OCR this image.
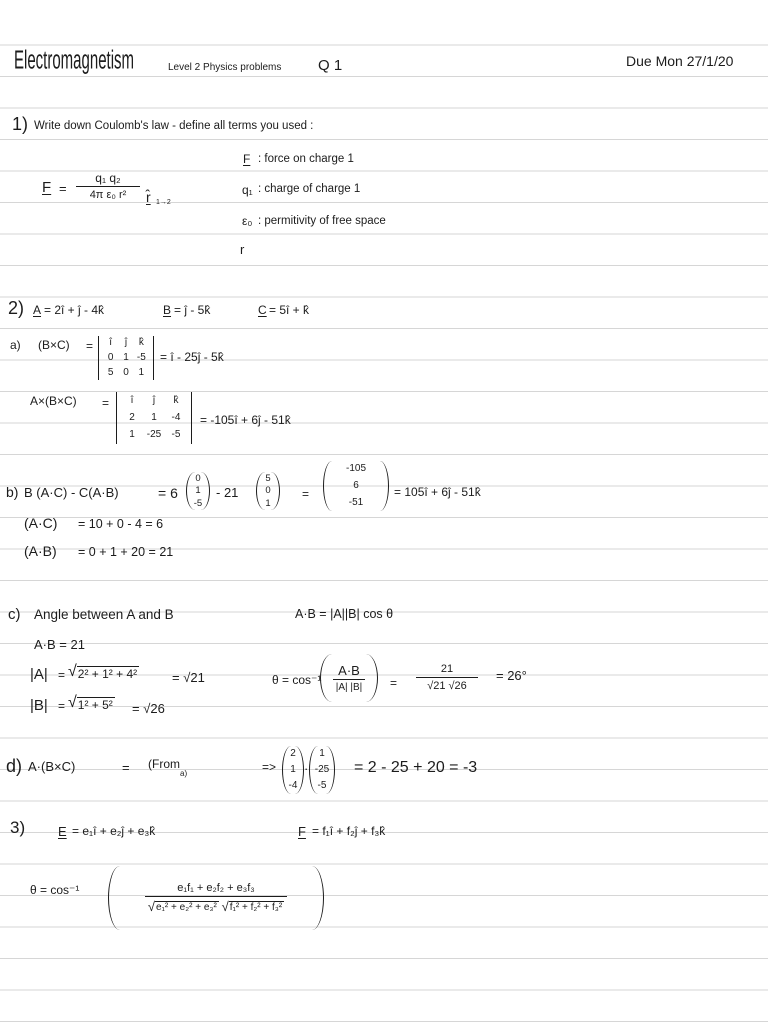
Electromagnetism	Level 2 Physics problems Q 1	Due Mon 27/1/20
1) Write down Coulomb's law - define all terms you used :
F =
q₁ q₂
4π ε₀ r² r̂ 1→2
F : force on charge 1
q₁ : charge of charge 1
ε₀ : permitivity of free space
r
2) A = 2î + ĵ - 4k̂	B = ĵ - 5k̂	C = 5î + k̂
a) (B×C) = î ĵ k̂
0 1 -5
5 0 1
= î - 25ĵ - 5k̂
A×(B×C) = î ĵ k̂
2 1 -4
1 -25 -5
= -105î + 6ĵ - 51k̂
b) B (A·C) - C(A·B)	= 6
0
1
-5
- 21
5
0
1
=
-105
6
-51
= 105î + 6ĵ - 51k̂
(A·C) = 10 + 0 - 4 = 6
(A·B) = 0 + 1 + 20 = 21
c) Angle between A and B	A·B = |A||B| cos θ
A·B = 21
|A| = √ 2² + 1² + 4²	= √21
|B| = √ 1² + 5² = √26
$\theta = \cos^{-1} \frac{A\cdot B}{|A| |B|}$ =
21
√21 √26
= 26°
d) A·(B×C)	= (From
a)	=>
2
1
-4
·
1
-25
-5
= 2 - 25 + 20 = -3
3)	E = e₁î + e₂ĵ + e₃k̂	F = f₁î + f₂ĵ + f₃k̂
θ = cos⁻¹	e₁f₁ + e₂f₂ + e₃f₃
√ e₁² + e₂² + e₃²
√ f₁² + f₂² + f₃²
